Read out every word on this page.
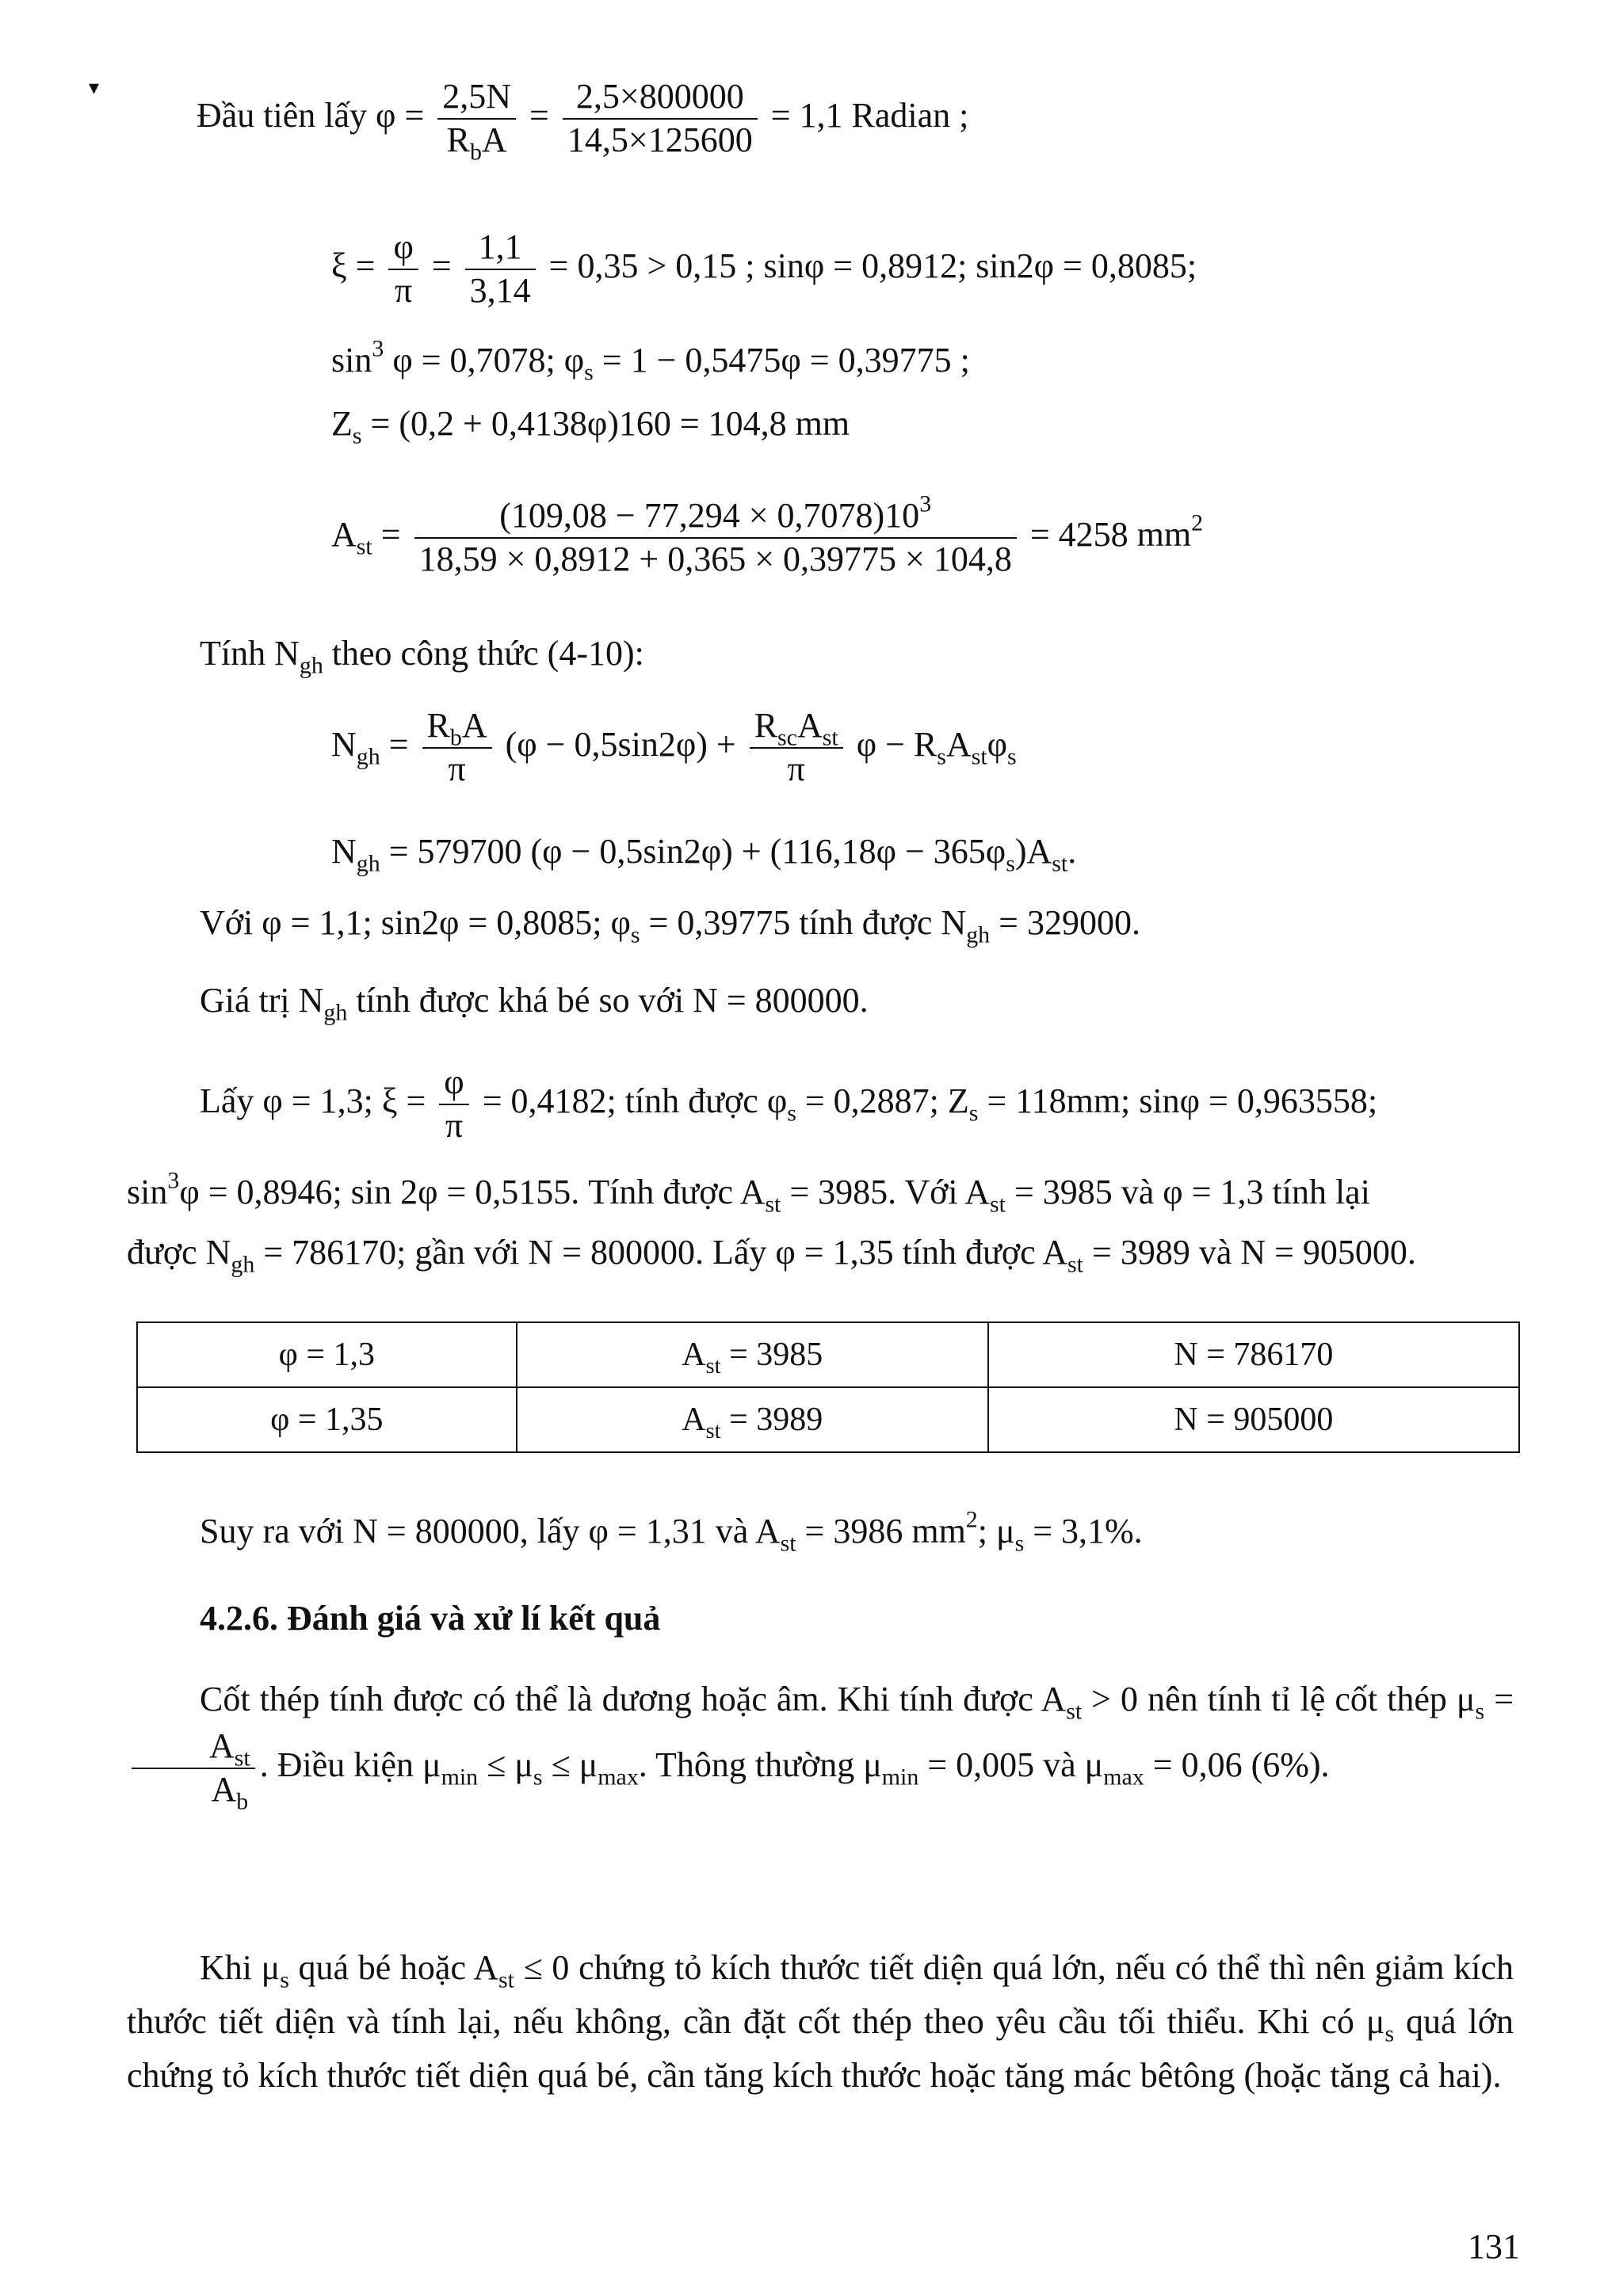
▾
Đầu tiên lấy $\varphi = \frac{2,5N}{R_bA} = \frac{2,5\times 800000}{14,5\times 125600} = 1,1$ Radian ;
$\xi = \frac{\varphi}{\pi} = \frac{1,1}{3,14} = 0,35 > 0,15$ ; sinφ = 0,8912; sin2φ = 0,8085;
$\sin^3 \varphi = 0,7078$; $\varphi_s = 1 - 0,5475\varphi = 0,39775$ ;
$Z_s = (0,2 + 0,4138\varphi)160 = 104,8$ mm
$A_{st} = \frac{(109,08 - 77,294 \times 0,7078)10^3}{18,59 \times 0,8912 + 0,365 \times 0,39775 \times 104,8} = 4258$ $mm^2$
Tính $N_{gh}$ theo công thức (4-10):
$N_{gh} = \frac{R_bA}{\pi} (\varphi - 0,5\sin 2\varphi) + \frac{R_{sc}A_{st}}{\pi}$ $\varphi - R_sA_{st}\varphi_s$
$N_{gh} = 579700$ $(\varphi - 0,5\sin 2\varphi) + (116,18\varphi - 365\varphi_s)A_{st}$.
Với φ = 1,1; sin2φ = 0,8085; $\varphi_s = 0,39775$ tính được $N_{gh} = 329000$.
Giá trị $N_{gh}$ tính được khá bé so với N = 800000.
Lấy φ = 1,3; $\xi = \frac{\varphi}{\pi} = 0,4182$; tính được $\varphi_s = 0,2887$; $Z_s = 118mm$; sinφ = 0,963558;
$\sin^3\varphi = 0,8946$; sin 2φ = 0,5155. Tính được $A_{st} = 3985$. Với $A_{st} = 3985$ và φ = 1,3 tính lại
được $N_{gh} = 786170$; gần với N = 800000. Lấy φ = 1,35 tính được $A_{st} = 3989$ và N = 905000.
φ = 1,3	$A_{st} = 3985$	N = 786170
φ = 1,35	$A_{st} = 3989$	N = 905000
Suy ra với N = 800000, lấy φ = 1,31 và $A_{st} = 3986$ $mm^2$; $\mu_s = 3,1\%$.
4.2.6. Đánh giá và xử lí kết quả
Cốt thép tính được có thể là dương hoặc âm. Khi tính được $A_{st} > 0$ nên tính tỉ lệ cốt thép $\mu_s$ =
$\frac{A_{st}}{A_b}$ . Điều kiện $\mu_{min} \le \mu_s \le \mu_{max}$. Thông thường $\mu_{min} = 0,005$ và $\mu_{max} = 0,06$ (6%).
Khi $\mu_s$ quá bé hoặc $A_{st} \le 0$ chứng tỏ kích thước tiết diện quá lớn, nếu có thể thì nên giảm kích thước tiết diện và tính lại, nếu không, cần đặt cốt thép theo yêu cầu tối thiểu. Khi có $\mu_s$ quá lớn chứng tỏ kích thước tiết diện quá bé, cần tăng kích thước hoặc tăng mác bêtông (hoặc tăng cả hai).
131
